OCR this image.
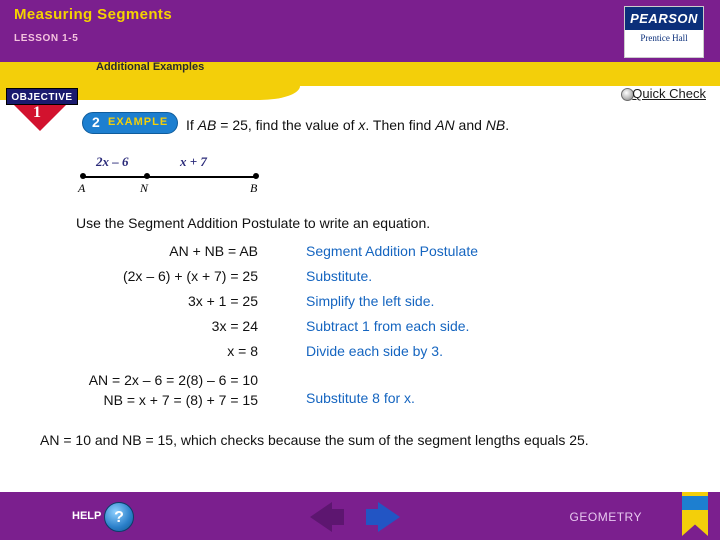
Measuring Segments
LESSON 1-5
PEARSON
Prentice Hall
Additional Examples
OBJECTIVE
1
Quick Check
2 EXAMPLE If AB = 25, find the value of x. Then find AN and NB.
A	N	B
2x – 6	x + 7
Use the Segment Addition Postulate to write an equation.
AN + NB = AB	Segment Addition Postulate
(2x – 6) + (x + 7) = 25	Substitute.
3x + 1 = 25	Simplify the left side.
3x = 24	Subtract 1 from each side.
x = 8	Divide each side by 3.
AN = 2x – 6 = 2(8) – 6 = 10
NB = x + 7 = (8) + 7 = 15	Substitute 8 for x.
AN = 10 and NB = 15, which checks because the sum of the segment lengths equals 25.
HELP ?	GEOMETRY
